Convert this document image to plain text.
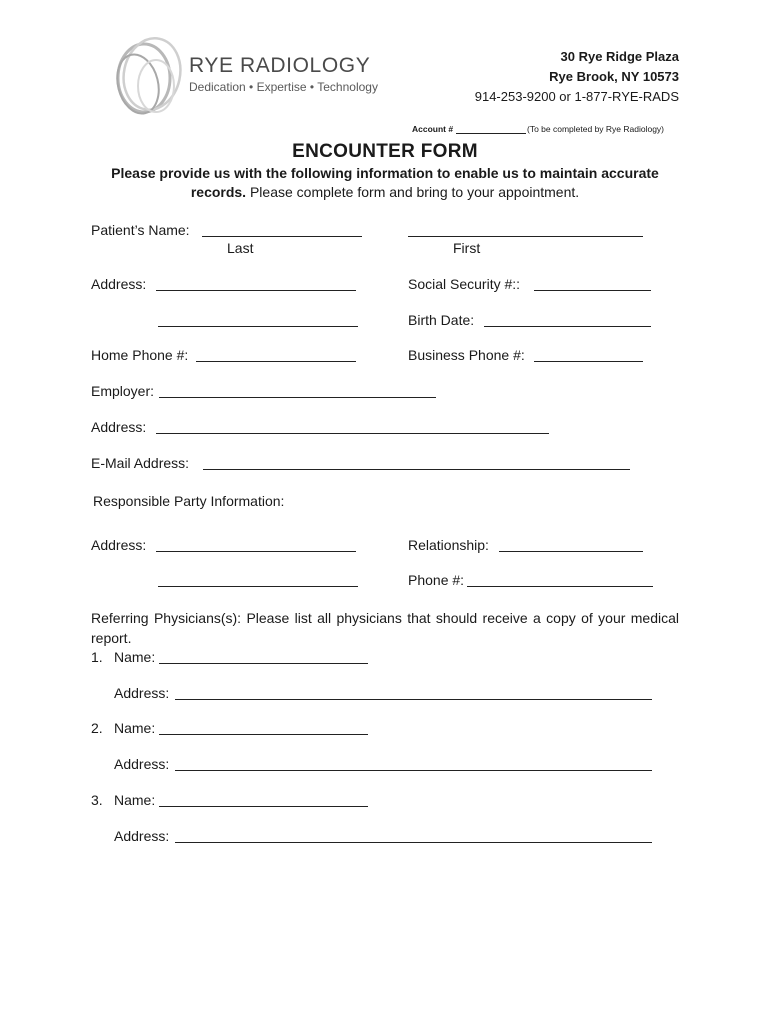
RYE RADIOLOGY
Dedication • Expertise • Technology
30 Rye Ridge Plaza
Rye Brook, NY 10573
914-253-9200 or 1-877-RYE-RADS
Account #	(To be completed by Rye Radiology)
ENCOUNTER FORM
Please provide us with the following information to enable us to maintain accurate records. Please complete form and bring to your appointment.
Patient’s Name:
Last	First
Address:	Social Security #::
Birth Date:
Home Phone #:	Business Phone #:
Employer:
Address:
E-Mail Address:
Responsible Party Information:
Address:	Relationship:
Phone #:
Referring Physicians(s): Please list all physicians that should receive a copy of your medical report.
1. Name:
Address:
2. Name:
Address:
3. Name:
Address:
